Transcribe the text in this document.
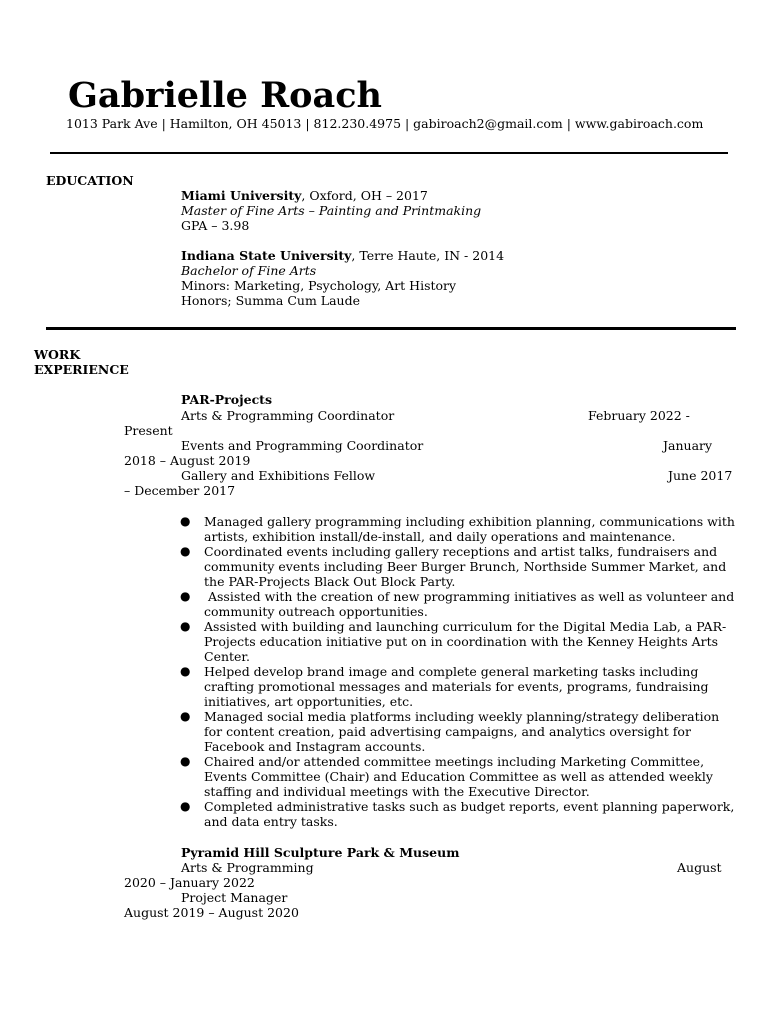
Gabrielle Roach
1013 Park Ave | Hamilton, OH 45013 | 812.230.4975 | gabiroach2@gmail.com | www.gabiroach.com
EDUCATION
Miami University, Oxford, OH – 2017
Master of Fine Arts – Painting and Printmaking
GPA – 3.98
Indiana State University, Terre Haute, IN - 2014
Bachelor of Fine Arts
Minors: Marketing, Psychology, Art History
Honors; Summa Cum Laude
WORK
EXPERIENCE
PAR-Projects
Arts & Programming Coordinator	February 2022 -
Present
Events and Programming Coordinator	January
2018 – August 2019
Gallery and Exhibitions Fellow	June 2017
– December 2017
● Managed gallery programming including exhibition planning, communications with artists, exhibition install/de-install, and daily operations and maintenance.
● Coordinated events including gallery receptions and artist talks, fundraisers and community events including Beer Burger Brunch, Northside Summer Market, and the PAR-Projects Black Out Block Party.
● Assisted with the creation of new programming initiatives as well as volunteer and community outreach opportunities.
● Assisted with building and launching curriculum for the Digital Media Lab, a PAR-Projects education initiative put on in coordination with the Kenney Heights Arts Center.
● Helped develop brand image and complete general marketing tasks including crafting promotional messages and materials for events, programs, fundraising initiatives, art opportunities, etc.
● Managed social media platforms including weekly planning/strategy deliberation for content creation, paid advertising campaigns, and analytics oversight for Facebook and Instagram accounts.
● Chaired and/or attended committee meetings including Marketing Committee, Events Committee (Chair) and Education Committee as well as attended weekly staffing and individual meetings with the Executive Director.
● Completed administrative tasks such as budget reports, event planning paperwork, and data entry tasks.
Pyramid Hill Sculpture Park & Museum
Arts & Programming	August
2020 – January 2022
Project Manager
August 2019 – August 2020
